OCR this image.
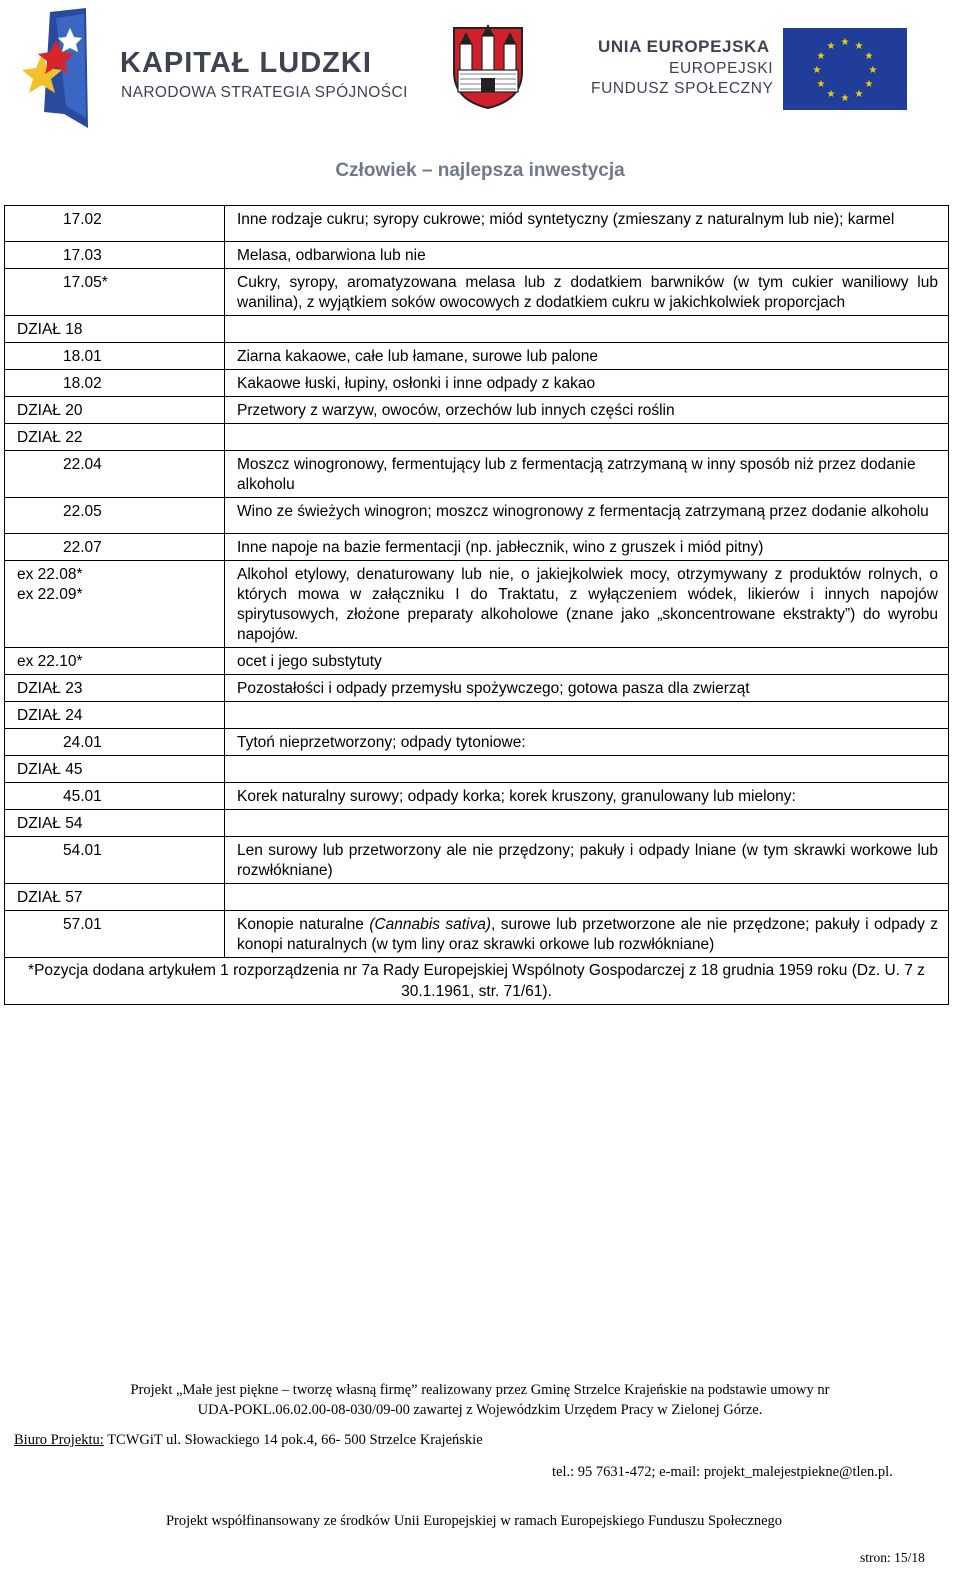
KAPITAŁ LUDZKI
NARODOWA STRATEGIA SPÓJNOŚCI
UNIA EUROPEJSKA
EUROPEJSKI
FUNDUSZ SPOŁECZNY
★ ★
★
★
★
★
★
★
★
★
★
★
Człowiek – najlepsza inwestycja
17.02	Inne rodzaje cukru; syropy cukrowe; miód syntetyczny (zmieszany z naturalnym lub nie); karmel
17.03	Melasa, odbarwiona lub nie
17.05*	Cukry, syropy, aromatyzowana melasa lub z dodatkiem barwników (w tym cukier waniliowy lub wanilina), z wyjątkiem soków owocowych z dodatkiem cukru w jakichkolwiek proporcjach
DZIAŁ 18	
18.01	Ziarna kakaowe, całe lub łamane, surowe lub palone
18.02	Kakaowe łuski, łupiny, osłonki i inne odpady z kakao
DZIAŁ 20	Przetwory z warzyw, owoców, orzechów lub innych części roślin
DZIAŁ 22	
22.04	Moszcz winogronowy, fermentujący lub z fermentacją zatrzymaną w inny sposób niż przez dodanie alkoholu
22.05	Wino ze świeżych winogron; moszcz winogronowy z fermentacją zatrzymaną przez dodanie alkoholu
22.07	Inne napoje na bazie fermentacji (np. jabłecznik, wino z gruszek i miód pitny)

ex 22.08*
ex 22.09*	Alkohol etylowy, denaturowany lub nie, o jakiejkolwiek mocy, otrzymywany z produktów rolnych, o których mowa w załączniku I do Traktatu, z wyłączeniem wódek, likierów i innych napojów spirytusowych, złożone preparaty alkoholowe (znane jako „skoncentrowane ekstrakty”) do wyrobu napojów.
ex 22.10*	ocet i jego substytuty
DZIAŁ 23	Pozostałości i odpady przemysłu spożywczego; gotowa pasza dla zwierząt
DZIAŁ 24	
24.01	Tytoń nieprzetworzony; odpady tytoniowe:
DZIAŁ 45	
45.01	Korek naturalny surowy; odpady korka; korek kruszony, granulowany lub mielony:
DZIAŁ 54	
54.01	Len surowy lub przetworzony ale nie przędzony; pakuły i odpady lniane (w tym skrawki workowe lub rozwłókniane)
DZIAŁ 57	
57.01	Konopie naturalne (Cannabis sativa), surowe lub przetworzone ale nie przędzone; pakuły i odpady z konopi naturalnych (w tym liny oraz skrawki orkowe lub rozwłókniane)
*Pozycja dodana artykułem 1 rozporządzenia nr 7a Rady Europejskiej Wspólnoty Gospodarczej z 18 grudnia 1959 roku (Dz. U. 7 z 30.1.1961, str. 71/61).	
Projekt „Małe jest piękne – tworzę własną firmę” realizowany przez Gminę Strzelce Krajeńskie na podstawie umowy nr
UDA-POKL.06.02.00-08-030/09-00 zawartej z Wojewódzkim Urzędem Pracy w Zielonej Górze.
Biuro Projektu: TCWGiT ul. Słowackiego 14 pok.4, 66- 500 Strzelce Krajeńskie
tel.: 95 7631-472; e-mail: projekt_malejestpiekne@tlen.pl.
Projekt współfinansowany ze środków Unii Europejskiej w ramach Europejskiego Funduszu Społecznego
stron: 15/18
